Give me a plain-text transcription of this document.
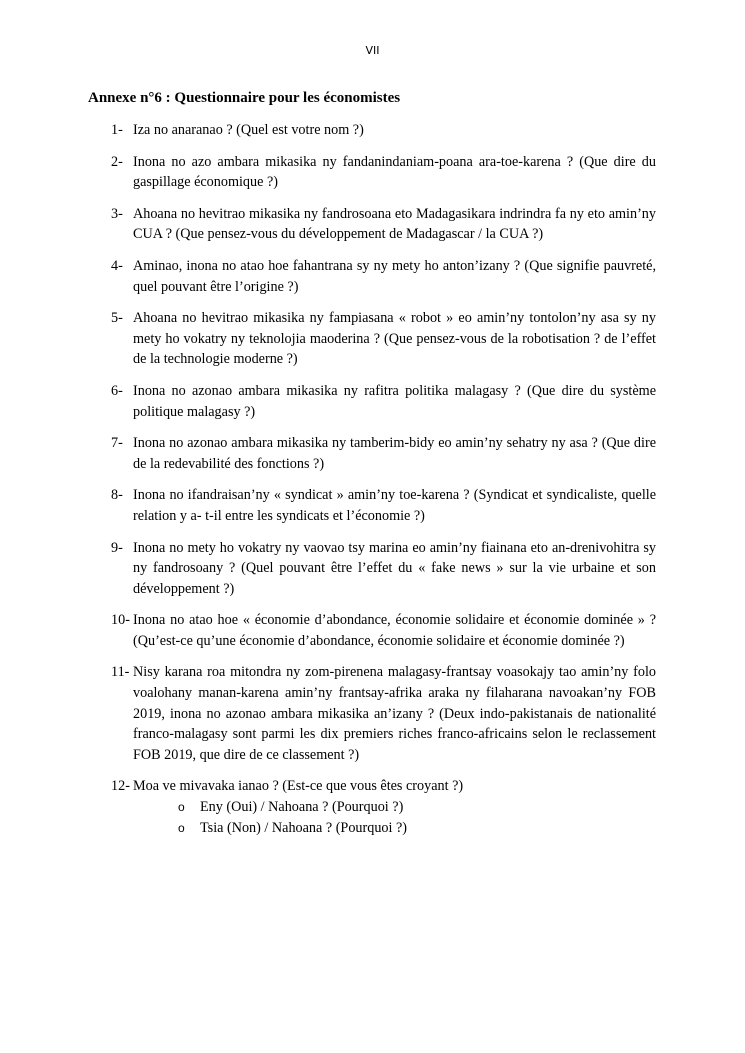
VII
Annexe n°6 : Questionnaire pour les économistes
1- Iza no anaranao ? (Quel est votre nom ?)
2- Inona no azo ambara mikasika ny fandanindaniam-poana ara-toe-karena ? (Que dire du gaspillage économique ?)
3- Ahoana no hevitrao mikasika ny fandrosoana eto Madagasikara indrindra fa ny eto amin’ny CUA ? (Que pensez-vous du développement de Madagascar / la CUA ?)
4- Aminao, inona no atao hoe fahantrana sy ny mety ho anton’izany ? (Que signifie pauvreté, quel pouvant être l’origine ?)
5- Ahoana no hevitrao mikasika ny fampiasana « robot » eo amin’ny tontolon’ny asa sy ny mety ho vokatry ny teknolojia maoderina ? (Que pensez-vous de la robotisation ? de l’effet de la technologie moderne ?)
6- Inona no azonao ambara mikasika ny rafitra politika malagasy ? (Que dire du système politique malagasy ?)
7- Inona no azonao ambara mikasika ny tamberim-bidy eo amin’ny sehatry ny asa ? (Que dire de la redevabilité des fonctions ?)
8- Inona no ifandraisan’ny « syndicat » amin’ny toe-karena ? (Syndicat et syndicaliste, quelle relation y a- t-il entre les syndicats et l’économie ?)
9- Inona no mety ho vokatry ny vaovao tsy marina eo amin’ny fiainana eto an-drenivohitra sy ny fandrosoany ? (Quel pouvant être l’effet du « fake news » sur la vie urbaine et son développement ?)
10- Inona no atao hoe « économie d’abondance, économie solidaire et économie dominée » ? (Qu’est-ce qu’une économie d’abondance, économie solidaire et économie dominée ?)
11- Nisy karana roa mitondra ny zom-pirenena malagasy-frantsay voasokajy tao amin’ny folo voalohany manan-karena amin’ny frantsay-afrika araka ny filaharana navoakan’ny FOB 2019, inona no azonao ambara mikasika an’izany ? (Deux indo-pakistanais de nationalité franco-malagasy sont parmi les dix premiers riches franco-africains selon le reclassement FOB 2019, que dire de ce classement ?)
12- Moa ve mivavaka ianao ? (Est-ce que vous êtes croyant ?)
o	Eny (Oui) / Nahoana ? (Pourquoi ?)
o	Tsia (Non) / Nahoana ? (Pourquoi ?)
